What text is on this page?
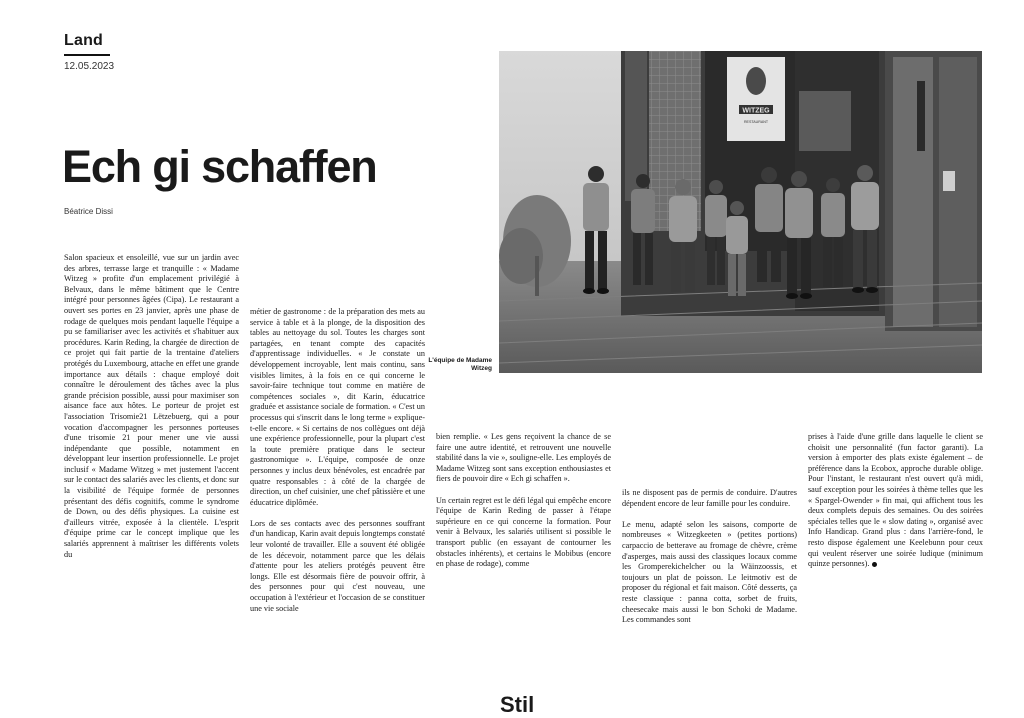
Land
12.05.2023
Ech gi schaffen
Béatrice Dissi

Salon spacieux et ensoleillé, vue sur un jardin avec des arbres, terrasse large et tranquille : « Madame Witzeg » profite d'un emplacement privilégié à Belvaux, dans le même bâtiment que le Centre intégré pour personnes âgées (Cipa). Le restaurant a ouvert ses portes en 23 janvier, après une phase de rodage de quelques mois pendant laquelle l'équipe a pu se familiariser avec les activités et s'habituer aux procédures. Karin Reding, la chargée de direction de ce projet qui fait partie de la trentaine d'ateliers protégés du Luxembourg, attache en effet une grande importance aux détails : chaque employé doit connaître le déroulement des tâches avec la plus grande précision possible, aussi pour maximiser son aisance face aux hôtes. Le porteur de projet est l'association Trisomie21 Lëtzebuerg, qui a pour vocation d'accompagner les personnes porteuses d'une trisomie 21 pour mener une vie aussi indépendante que possible, notamment en développant leur insertion professionnelle. Le projet inclusif « Madame Witzeg » met justement l'accent sur le contact des salariés avec les clients, et donc sur la visibilité de l'équipe formée de personnes présentant des défis cognitifs, comme le syndrome de Down, ou des défis physiques. La cuisine est d'ailleurs vitrée, exposée à la clientèle. L'esprit d'équipe prime car le concept implique que les salariés apprennent à maîtriser les différents volets du

métier de gastronome : de la préparation des mets au service à table et à la plonge, de la disposition des tables au nettoyage du sol. Toutes les charges sont partagées, en tenant compte des capacités d'apprentissage individuelles. « Je constate un développement incroyable, lent mais continu, sans visibles limites, à la fois en ce qui concerne le savoir-faire technique tout comme en matière de compétences sociales », dit Karin, éducatrice graduée et assistance sociale de formation. « C'est un processus qui s'inscrit dans le long terme » explique-t-elle encore. « Si certains de nos collègues ont déjà une expérience professionnelle, pour la plupart c'est la toute première pratique dans le secteur gastronomique ». L'équipe, composée de onze personnes y inclus deux bénévoles, est encadrée par quatre responsables : à côté de la chargée de direction, un chef cuisinier, une chef pâtissière et une éducatrice diplômée.

Lors de ses contacts avec des personnes souffrant d'un handicap, Karin avait depuis longtemps constaté leur volonté de travailler. Elle a souvent été obligée de les décevoir, notamment parce que les délais d'attente pour les ateliers protégés peuvent être longs. Elle est désormais fière de pouvoir offrir, à des personnes pour qui c'est nouveau, une occupation à l'extérieur et l'occasion de se constituer une vie sociale

bien remplie. « Les gens reçoivent la chance de se faire une autre identité, et retrouvent une nouvelle stabilité dans la vie », souligne-elle. Les employés de Madame Witzeg sont sans exception enthousiastes et fiers de pouvoir dire « Ech gi schaffen ».

Un certain regret est le défi légal qui empêche encore l'équipe de Karin Reding de passer à l'étape supérieure en ce qui concerne la formation. Pour venir à Belvaux, les salariés utilisent si possible le transport public (en essayant de contourner les obstacles inhérents), et certains le Mobibus (encore en phase de rodage), comme

ils ne disposent pas de permis de conduire. D'autres dépendent encore de leur famille pour les conduire.

Le menu, adapté selon les saisons, comporte de nombreuses « Witzegkeeten » (petites portions) carpaccio de betterave au fromage de chèvre, crème d'asperges, mais aussi des classiques locaux comme les Gromperekichelcher ou la Wäinzoossis, et toujours un plat de poisson. Le leitmotiv est de proposer du régional et fait maison. Côté desserts, ça reste classique : panna cotta, sorbet de fruits, cheesecake mais aussi le bon Schoki de Madame. Les commandes sont

prises à l'aide d'une grille dans laquelle le client se choisit une personnalité (fun factor garanti). La version à emporter des plats existe également – de préférence dans la Ecobox, approche durable oblige. Pour l'instant, le restaurant n'est ouvert qu'à midi, sauf exception pour les soirées à thème telles que les « Spargel-Owender » fin mai, qui affichent tous les deux complets depuis des semaines. Ou des soirées spéciales telles que le « slow dating », organisé avec Info Handicap. Grand plus : dans l'arrière-fond, le resto dispose également une Keelebunn pour ceux qui veulent réserver une soirée ludique (minimum quinze personnes).

WITZEG
RESTAURANT
L'équipe de Madame Witzeg
Stil
